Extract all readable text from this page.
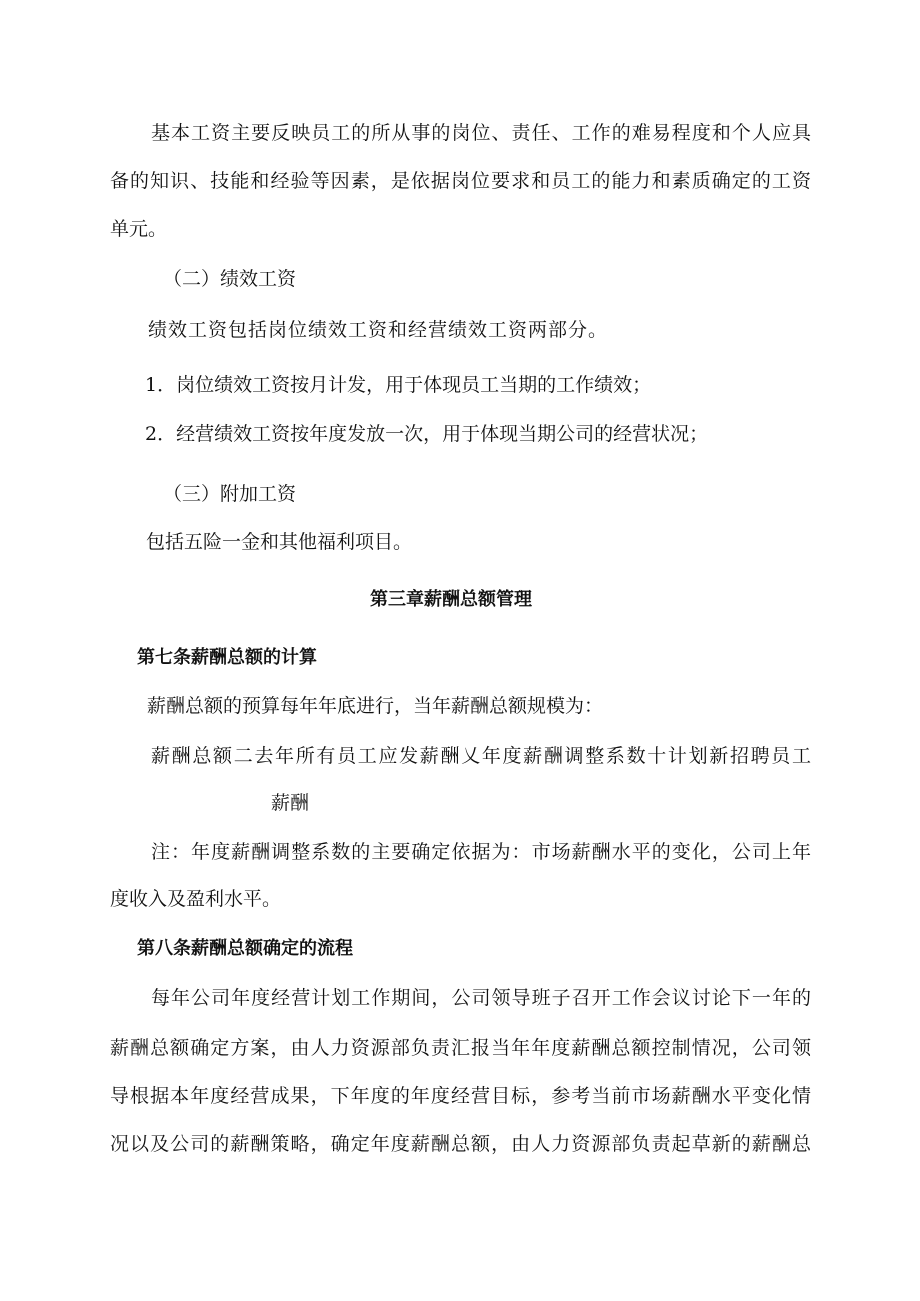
基本工资主要反映员工的所从事的岗位、责任、工作的难易程度和个人应具
备的知识、技能和经验等因素，是依据岗位要求和员工的能力和素质确定的工资
单元。
（二）绩效工资
绩效工资包括岗位绩效工资和经营绩效工资两部分。
1．岗位绩效工资按月计发，用于体现员工当期的工作绩效；
2．经营绩效工资按年度发放一次，用于体现当期公司的经营状况；
（三）附加工资
包括五险一金和其他福利项目。
第三章薪酬总额管理
第七条薪酬总额的计算
薪酬总额的预算每年年底进行，当年薪酬总额规模为：
薪酬总额二去年所有员工应发薪酬乂年度薪酬调整系数十计划新招聘员工
薪酬
注：年度薪酬调整系数的主要确定依据为：市场薪酬水平的变化，公司上年
度收入及盈利水平。
第八条薪酬总额确定的流程
每年公司年度经营计划工作期间，公司领导班子召开工作会议讨论下一年的
薪酬总额确定方案，由人力资源部负责汇报当年年度薪酬总额控制情况，公司领
导根据本年度经营成果，下年度的年度经营目标，参考当前市场薪酬水平变化情
况以及公司的薪酬策略，确定年度薪酬总额，由人力资源部负责起草新的薪酬总
